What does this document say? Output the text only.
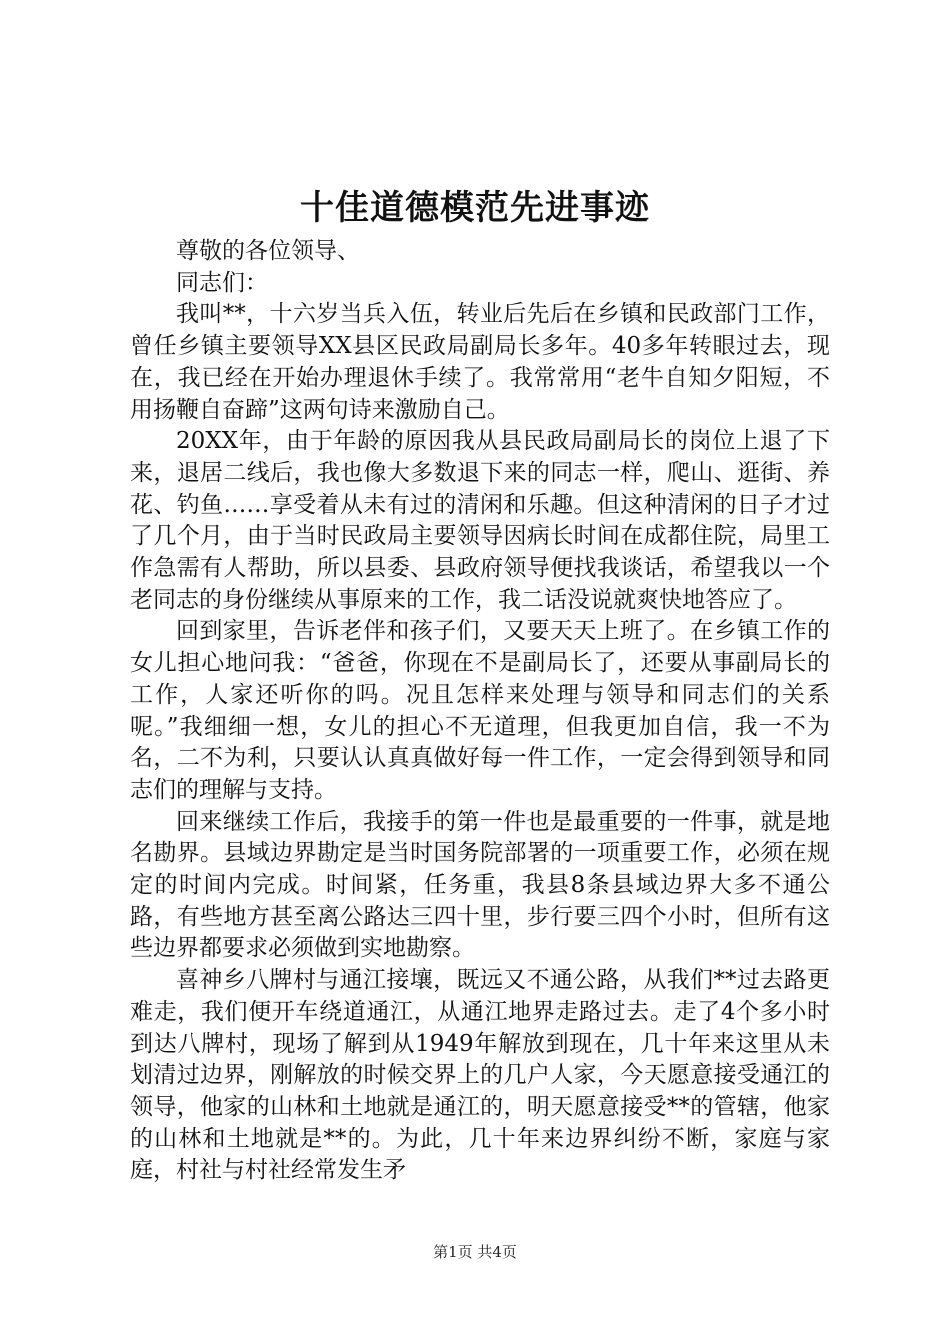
十佳道德模范先进事迹

尊敬的各位领导、

同志们：

我叫**，十六岁当兵入伍，转业后先后在乡镇和民政部门工作，曾任乡镇主要领导XX县区民政局副局长多年。40多年转眼过去，现在，我已经在开始办理退休手续了。我常常用“老牛自知夕阳短，不用扬鞭自奋蹄”这两句诗来激励自己。

20XX年，由于年龄的原因我从县民政局副局长的岗位上退了下来，退居二线后，我也像大多数退下来的同志一样，爬山、逛街、养花、钓鱼……享受着从未有过的清闲和乐趣。但这种清闲的日子才过了几个月，由于当时民政局主要领导因病长时间在成都住院，局里工作急需有人帮助，所以县委、县政府领导便找我谈话，希望我以一个老同志的身份继续从事原来的工作，我二话没说就爽快地答应了。

回到家里，告诉老伴和孩子们，又要天天上班了。在乡镇工作的女儿担心地问我：“爸爸，你现在不是副局长了，还要从事副局长的工作，人家还听你的吗。况且怎样来处理与领导和同志们的关系呢。”我细细一想，女儿的担心不无道理，但我更加自信，我一不为名，二不为利，只要认认真真做好每一件工作，一定会得到领导和同志们的理解与支持。

回来继续工作后，我接手的第一件也是最重要的一件事，就是地名勘界。县域边界勘定是当时国务院部署的一项重要工作，必须在规定的时间内完成。时间紧，任务重，我县8条县域边界大多不通公路，有些地方甚至离公路达三四十里，步行要三四个小时，但所有这些边界都要求必须做到实地勘察。

喜神乡八牌村与通江接壤，既远又不通公路，从我们**过去路更难走，我们便开车绕道通江，从通江地界走路过去。走了4个多小时到达八牌村，现场了解到从1949年解放到现在，几十年来这里从未划清过边界，刚解放的时候交界上的几户人家，今天愿意接受通江的领导，他家的山林和土地就是通江的，明天愿意接受**的管辖，他家的山林和土地就是**的。为此，几十年来边界纠纷不断，家庭与家庭，村社与村社经常发生矛

第1页 共4页
